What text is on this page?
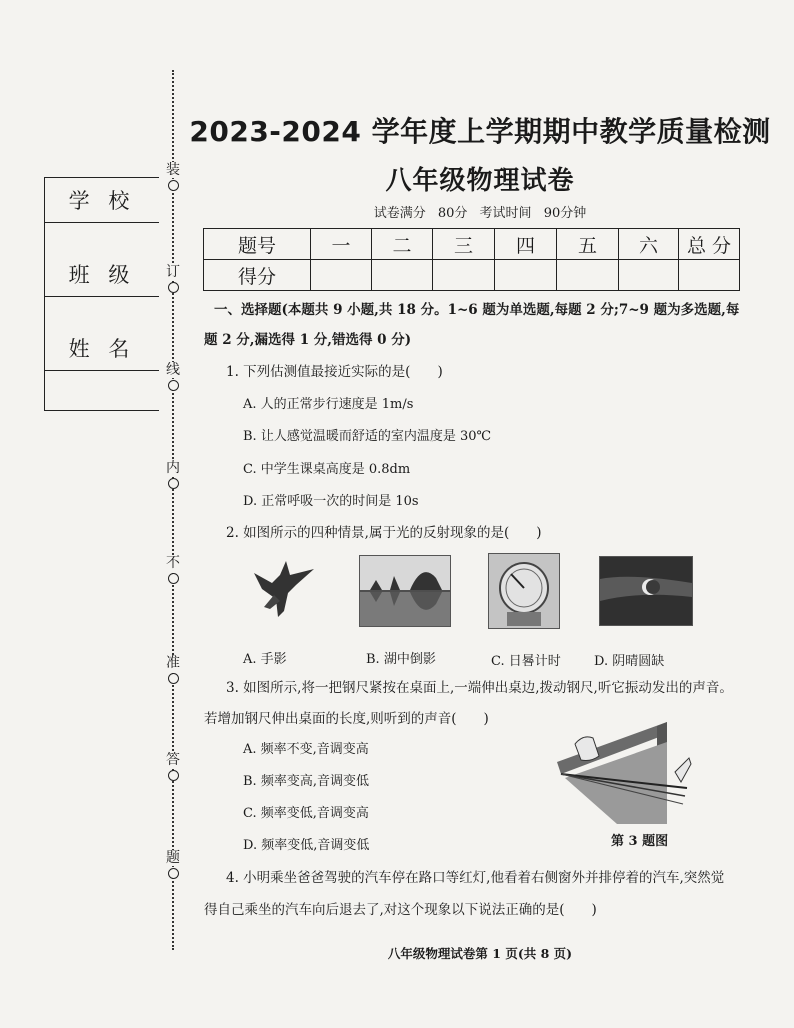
装
订
线
内
不
准
答
题
学 校
班 级
姓 名
2023-2024 学年度上学期期中教学质量检测
八年级物理试卷
试卷满分 80分 考试时间 90分钟
题号	一	二	三	四	五	六	总 分
得分							
一、选择题(本题共 9 小题,共 18 分。1~6 题为单选题,每题 2 分;7~9 题为多选题,每
题 2 分,漏选得 1 分,错选得 0 分)
1. 下列估测值最接近实际的是(　　)
A. 人的正常步行速度是 1m/s
B. 让人感觉温暖而舒适的室内温度是 30℃
C. 中学生课桌高度是 0.8dm
D. 正常呼吸一次的时间是 10s
2. 如图所示的四种情景,属于光的反射现象的是(　　)
A. 手影	B. 湖中倒影	C. 日晷计时	D. 阴晴圆缺
3. 如图所示,将一把钢尺紧按在桌面上,一端伸出桌边,拨动钢尺,听它振动发出的声音。
若增加钢尺伸出桌面的长度,则听到的声音(　　)
A. 频率不变,音调变高
B. 频率变高,音调变低
C. 频率变低,音调变高
D. 频率变低,音调变低	第 3 题图
4. 小明乘坐爸爸驾驶的汽车停在路口等红灯,他看着右侧窗外并排停着的汽车,突然觉
得自己乘坐的汽车向后退去了,对这个现象以下说法正确的是(　　)
八年级物理试卷第 1 页(共 8 页)
